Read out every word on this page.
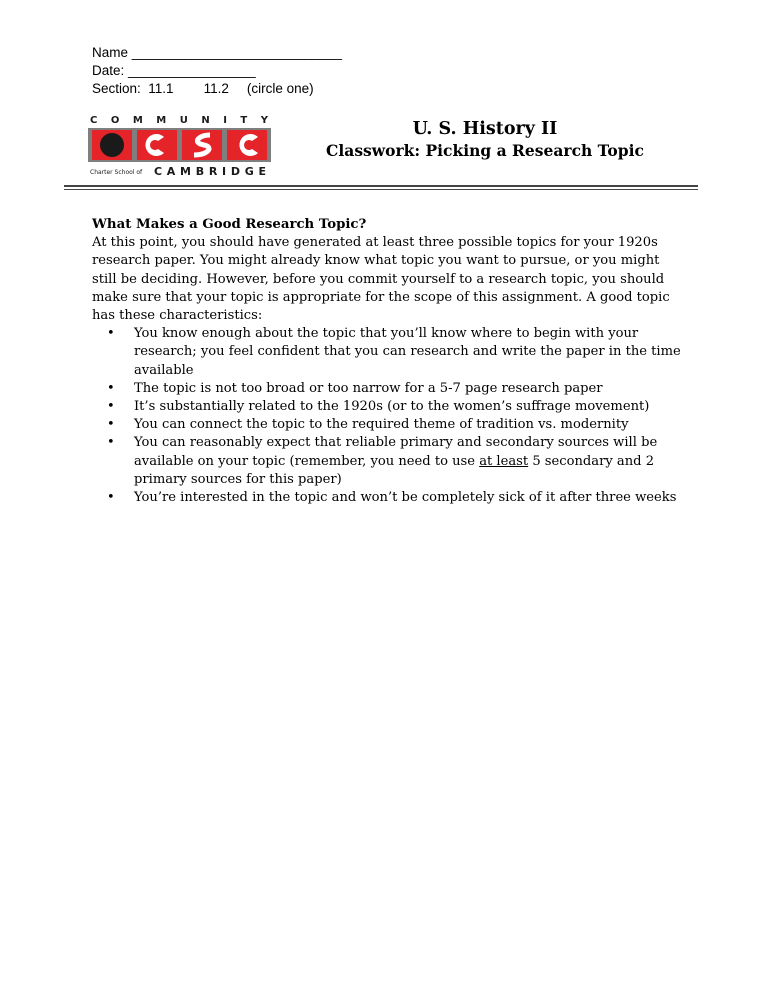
Name ____________________________
Date: _________________
Section: 11.1 11.2 (circle one)
C O M M U N I T Y
Charter School of CAMBRIDGE
U. S. History II
Classwork: Picking a Research Topic
What Makes a Good Research Topic?

At this point, you should have generated at least three possible topics for your 1920s research paper. You might already know what topic you want to pursue, or you might still be deciding. However, before you commit yourself to a research topic, you should make sure that your topic is appropriate for the scope of this assignment. A good topic has these characteristics:

• You know enough about the topic that you’ll know where to begin with your research; you feel confident that you can research and write the paper in the time available
• The topic is not too broad or too narrow for a 5-7 page research paper
• It’s substantially related to the 1920s (or to the women’s suffrage movement)
• You can connect the topic to the required theme of tradition vs. modernity
• You can reasonably expect that reliable primary and secondary sources will be available on your topic (remember, you need to use at least 5 secondary and 2 primary sources for this paper)
• You’re interested in the topic and won’t be completely sick of it after three weeks
